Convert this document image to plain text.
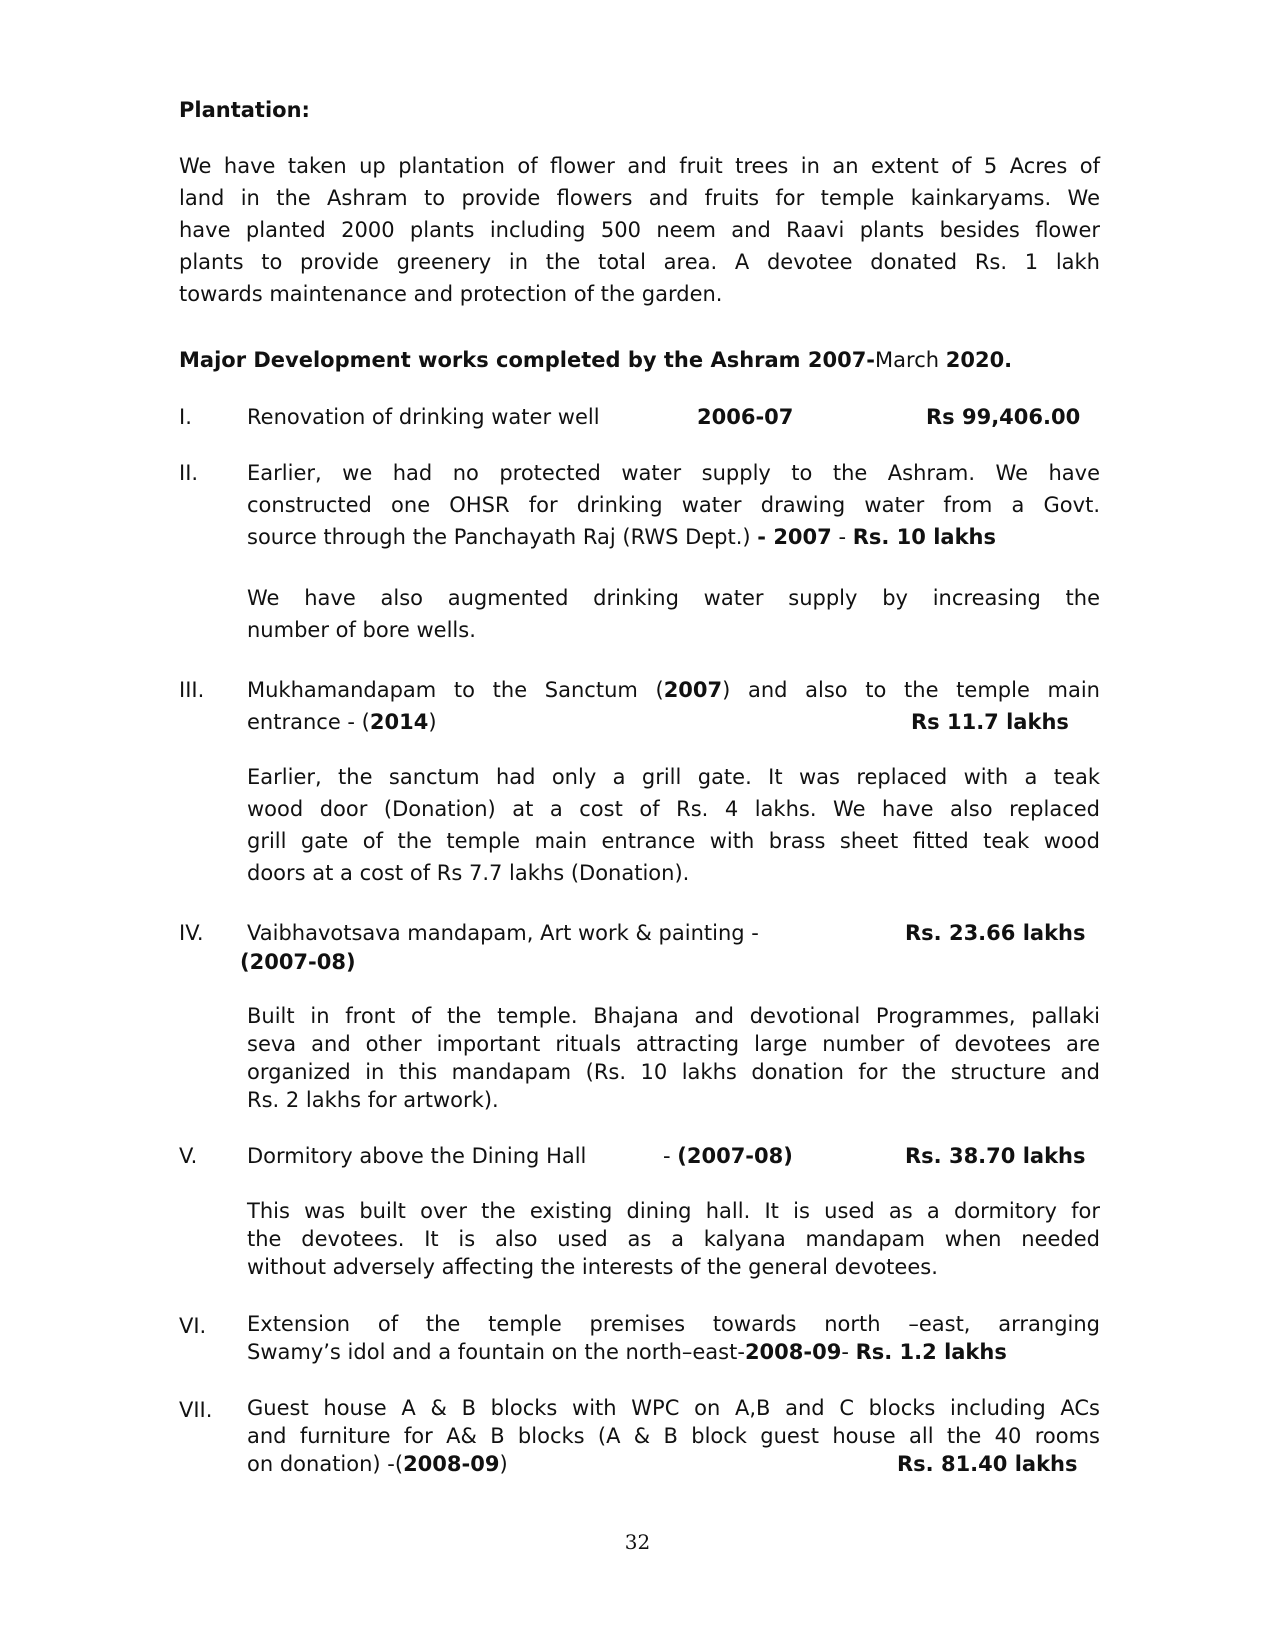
Plantation:
We have taken up plantation of flower and fruit trees in an extent of 5 Acres of
land in the Ashram to provide flowers and fruits for temple kainkaryams. We
have planted 2000 plants including 500 neem and Raavi plants besides flower
plants to provide greenery in the total area. A devotee donated Rs. 1 lakh
towards maintenance and protection of the garden.
Major Development works completed by the Ashram 2007-March 2020.
I.	Renovation of drinking water well	2006-07	Rs 99,406.00
II. Earlier, we had no protected water supply to the Ashram. We have
constructed one OHSR for drinking water drawing water from a Govt.
source through the Panchayath Raj (RWS Dept.) - 2007 - Rs. 10 lakhs
We have also augmented drinking water supply by increasing the
number of bore wells.
III. Mukhamandapam to the Sanctum (2007) and also to the temple main
entrance - (2014)	Rs 11.7 lakhs
Earlier, the sanctum had only a grill gate. It was replaced with a teak
wood door (Donation) at a cost of Rs. 4 lakhs. We have also replaced
grill gate of the temple main entrance with brass sheet fitted teak wood
doors at a cost of Rs 7.7 lakhs (Donation).
IV. Vaibhavotsava mandapam, Art work & painting -	Rs. 23.66 lakhs
(2007-08)
Built in front of the temple. Bhajana and devotional Programmes, pallaki
seva and other important rituals attracting large number of devotees are
organized in this mandapam (Rs. 10 lakhs donation for the structure and
Rs. 2 lakhs for artwork).
V. Dormitory above the Dining Hall	- (2007-08)	Rs. 38.70 lakhs
This was built over the existing dining hall. It is used as a dormitory for
the devotees. It is also used as a kalyana mandapam when needed
without adversely affecting the interests of the general devotees.
VI. Extension of the temple premises towards north –east, arranging
Swamy’s idol and a fountain on the north–east-2008-09- Rs. 1.2 lakhs
VII. Guest house A & B blocks with WPC on A,B and C blocks including ACs
and furniture for A& B blocks (A & B block guest house all the 40 rooms
on donation) -(2008-09)	Rs. 81.40 lakhs
32
